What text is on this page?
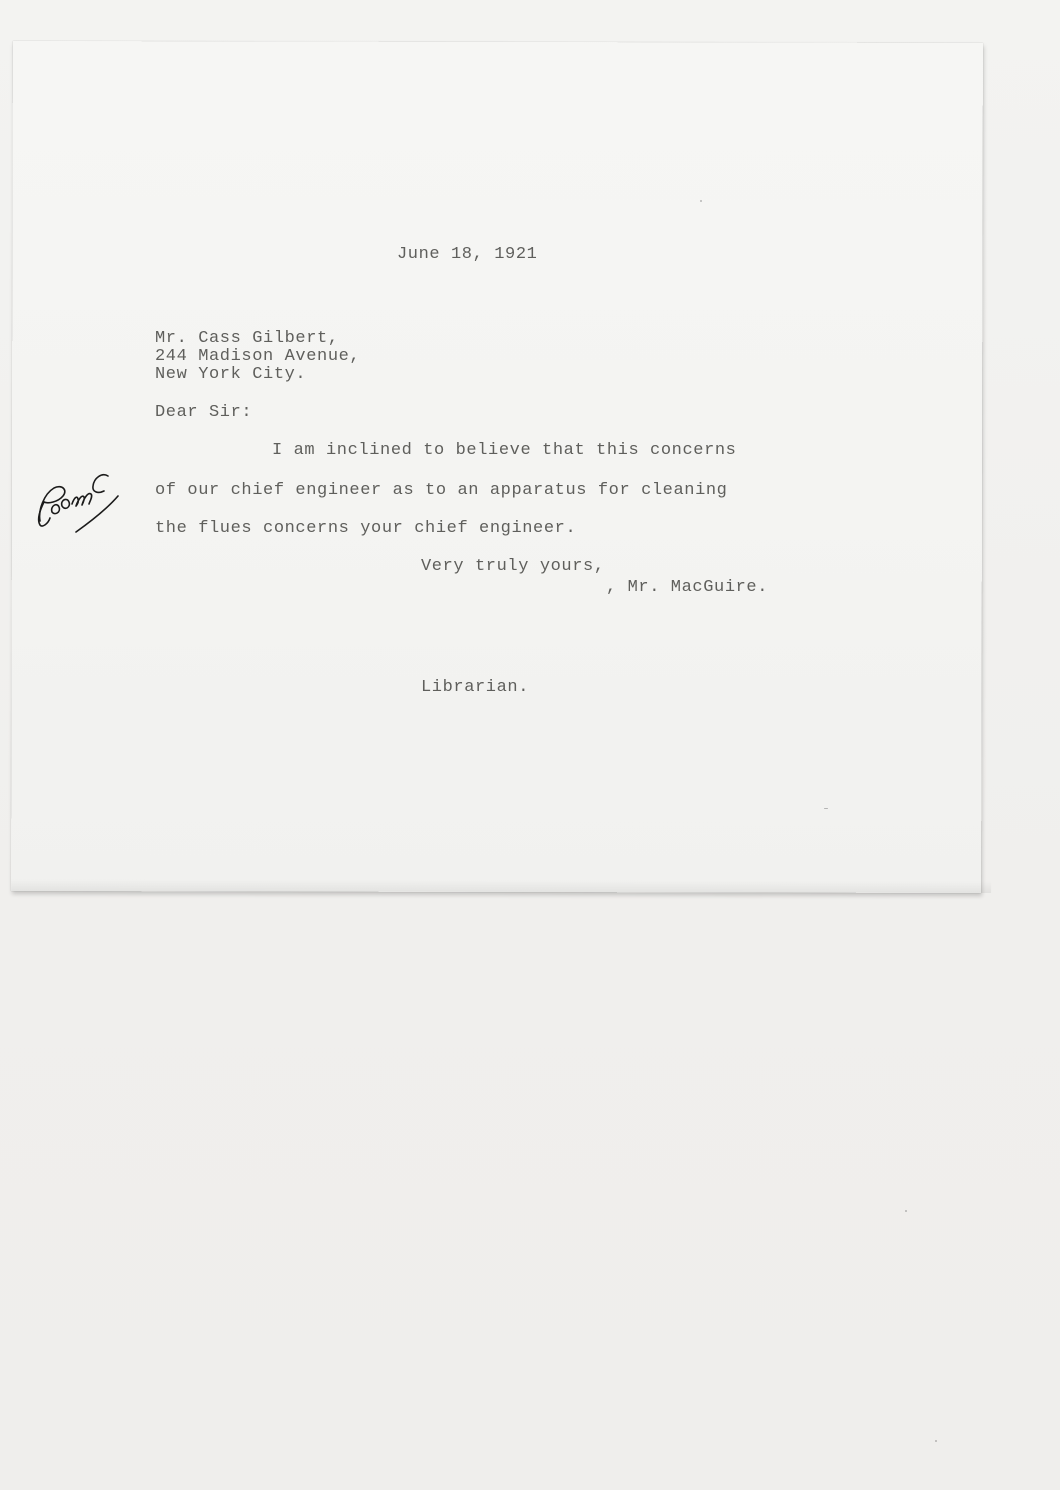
June 18, 1921
Mr. Cass Gilbert,
244 Madison Avenue,
New York City.
Dear Sir:
I am inclined to believe that this concerns
of our chief engineer as to an apparatus for cleaning
the flues concerns your chief engineer.
Very truly yours,
, Mr. MacGuire.
Librarian.
